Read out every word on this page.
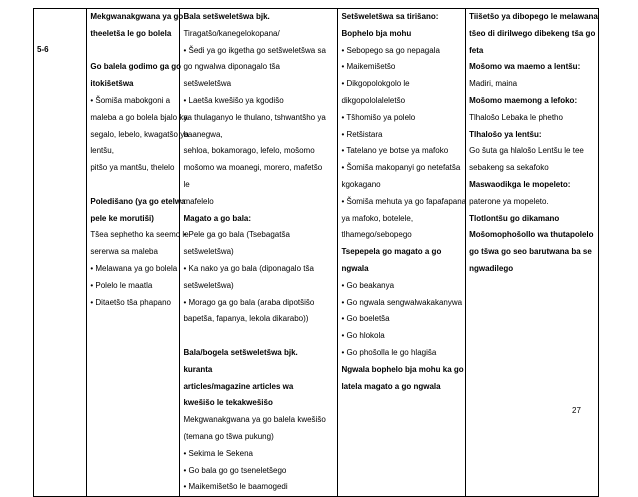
5-6

Mekgwanakgwana ya go
theeletša le go bolela
Go balela godimo ga go
itokišetšwa
• Šomiša mabokgoni a
maleba a go bolela bjalo ka
segalo, lebelo, kwagatšo ya
lentšu,
pitšo ya mantšu, thelelo
Poledišano (ya go etelwa
pele ke morutiši)
Tšea sephetho ka seemo le
sererwa sa maleba
• Melawana ya go bolela
• Polelo le maatla
• Ditaetšo tša phapano

Bala setšweletšwa bjk.
Tiragatšo/kanegelokopana/
• Šedi ya go ikgetha go setšweletšwa sa
go ngwalwa diponagalo tša
setšweletšwa
• Laetša kwešišo ya kgodišo
ya thulaganyo le thulano, tshwantšho ya
baanegwa,
sehloa, bokamorago, lefelo, mošomo
mošomo wa moanegi, morero, mafetšo
le
mafelelo
Magato a go bala:
• Pele ga go bala (Tsebagatša
setšweletšwa)
• Ka nako ya go bala (diponagalo tša
setšweletšwa)
• Morago ga go bala (araba dipotšišo
bapetša, fapanya, lekola dikarabo))
Bala/bogela setšweletšwa bjk.
kuranta
articles/magazine articles wa
kwešišo le tekakwešišo
Mekgwanakgwana ya go balela kwešišo
(temana go tšwa pukung)
• Sekima le Sekena
• Go bala go go tseneletšego
• Maikemišetšo le baamogedi

Setšweletšwa sa tirišano:
Bophelo bja mohu
• Sebopego sa go nepagala
• Maikemišetšo
• Dikgopolokgolo le
dikgopololaleletšo
• Tšhomišo ya polelo
• Retšistara
• Tatelano ye botse ya mafoko
• Šomiša makopanyi go netefatša
kgokagano
• Šomiša mehuta ya go fapafapana
ya mafoko, botelele,
tlhamego/sebopego
Tsepepela go magato a go
ngwala
• Go beakanya
• Go ngwala sengwalwakakanywa
• Go boeletša
• Go hlokola
• Go phošolla le go hlagiša
Ngwala bophelo bja mohu ka go
latela magato a go ngwala

Tiišetšo ya dibopego le melawana
tšeo di dirilwego dibekeng tša go
feta
Mošomo wa maemo a lentšu:
Madiri, maina
Mošomo maemong a lefoko:
Tlhalošo Lebaka le phetho
Tlhalošo ya lentšu:
Go šuta ga hlalošo Lentšu le tee
sebakeng sa sekafoko
Maswaodikga le mopeleto:
paterone ya mopeleto.
Tlotlontšu go dikamano
Mošomophošollo wa thutapolelo
go tšwa go seo barutwana ba se
ngwadilego
27
